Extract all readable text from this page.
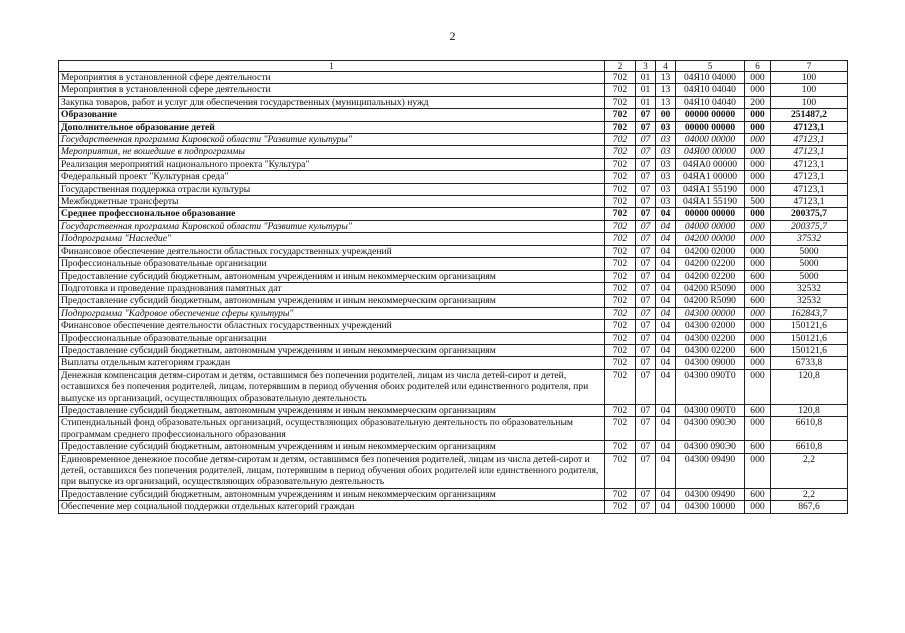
2
1	2	3	4	5	6	7
Мероприятия в установленной сфере деятельности	702	01	13	04Я10 04000	000	100
Мероприятия в установленной сфере деятельности	702	01	13	04Я10 04040	000	100
Закупка товаров, работ и услуг для обеспечения государственных (муниципальных) нужд	702	01	13	04Я10 04040	200	100
Образование	702	07	00	00000 00000	000	251487,2
Дополнительное образование детей	702	07	03	00000 00000	000	47123,1
Государственная программа Кировской области "Развитие культуры"	702	07	03	04000 00000	000	47123,1
Мероприятия, не вошедшие в подпрограммы	702	07	03	04Я00 00000	000	47123,1
Реализация мероприятий национального проекта "Культура"	702	07	03	04ЯА0 00000	000	47123,1
Федеральный проект "Культурная среда"	702	07	03	04ЯА1 00000	000	47123,1
Государственная поддержка отрасли культуры	702	07	03	04ЯА1 55190	000	47123,1
Межбюджетные трансферты	702	07	03	04ЯА1 55190	500	47123,1
Среднее профессиональное образование	702	07	04	00000 00000	000	200375,7
Государственная программа Кировской области "Развитие культуры"	702	07	04	04000 00000	000	200375,7
Подпрограмма "Наследие"	702	07	04	04200 00000	000	37532
Финансовое обеспечение деятельности областных государственных учреждений	702	07	04	04200 02000	000	5000
Профессиональные образовательные организации	702	07	04	04200 02200	000	5000
Предоставление субсидий бюджетным, автономным учреждениям и иным некоммерческим организациям	702	07	04	04200 02200	600	5000
Подготовка и проведение празднования памятных дат	702	07	04	04200 R5090	000	32532
Предоставление субсидий бюджетным, автономным учреждениям и иным некоммерческим организациям	702	07	04	04200 R5090	600	32532
Подпрограмма "Кадровое обеспечение сферы культуры"	702	07	04	04300 00000	000	162843,7
Финансовое обеспечение деятельности областных государственных учреждений	702	07	04	04300 02000	000	150121,6
Профессиональные образовательные организации	702	07	04	04300 02200	000	150121,6
Предоставление субсидий бюджетным, автономным учреждениям и иным некоммерческим организациям	702	07	04	04300 02200	600	150121,6
Выплаты отдельным категориям граждан	702	07	04	04300 09000	000	6733,8
Денежная компенсация детям-сиротам и детям, оставшимся без попечения родителей, лицам из числа детей-сирот и детей, оставшихся без попечения родителей, лицам, потерявшим в период обучения обоих родителей или единственного родителя, при выпуске из организаций, осуществляющих образовательную деятельность	702	07	04	04300 090Т0	000	120,8
Предоставление субсидий бюджетным, автономным учреждениям и иным некоммерческим организациям	702	07	04	04300 090Т0	600	120,8
Стипендиальный фонд образовательных организаций, осуществляющих образовательную деятельность по образовательным программам среднего профессионального образования	702	07	04	04300 090Э0	000	6610,8
Предоставление субсидий бюджетным, автономным учреждениям и иным некоммерческим организациям	702	07	04	04300 090Э0	600	6610,8
Единовременное денежное пособие детям-сиротам и детям, оставшимся без попечения родителей, лицам из числа детей-сирот и детей, оставшихся без попечения родителей, лицам, потерявшим в период обучения обоих родителей или единственного родителя, при выпуске из организаций, осуществляющих образовательную деятельность	702	07	04	04300 09490	000	2,2
Предоставление субсидий бюджетным, автономным учреждениям и иным некоммерческим организациям	702	07	04	04300 09490	600	2,2
Обеспечение мер социальной поддержки отдельных категорий граждан	702	07	04	04300 10000	000	867,6
